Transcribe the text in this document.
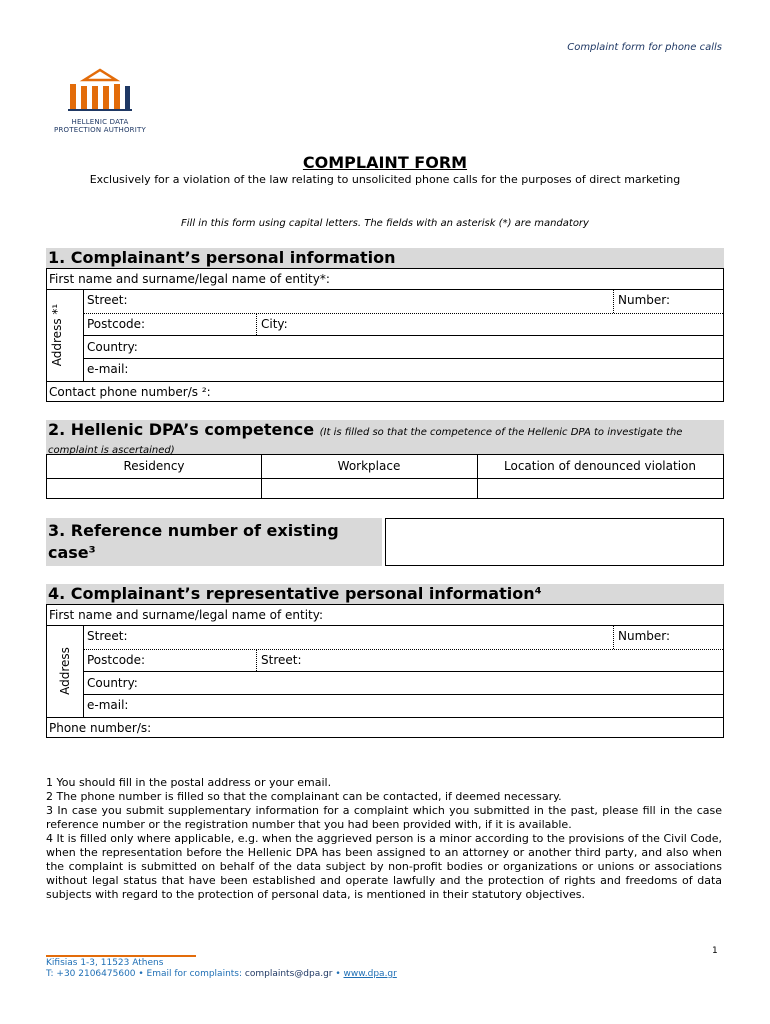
Complaint form for phone calls
HELLENIC DATA
PROTECTION AUTHORITY
COMPLAINT FORM
Exclusively for a violation of the law relating to unsolicited phone calls for the purposes of direct marketing
Fill in this form using capital letters. The fields with an asterisk (*) are mandatory
1. Complainant’s personal information
First name and surname/legal name of entity*:
Address *¹
Street:	Number:
Postcode:	City:
Country:
e-mail:
Contact phone number/s ²:
2. Hellenic DPA’s competence (It is filled so that the competence of the Hellenic DPA to investigate the complaint is ascertained)
Residency	Workplace	Location of denounced violation
3. Reference number of existing case³
4. Complainant’s representative personal information⁴
First name and surname/legal name of entity:
Address
Street:	Number:
Postcode:	Street:
Country:
e-mail:
Phone number/s:

1 You should fill in the postal address or your email.

2 The phone number is filled so that the complainant can be contacted, if deemed necessary.

3 In case you submit supplementary information for a complaint which you submitted in the past, please fill in the case reference number or the registration number that you had been provided with, if it is available.

4 It is filled only where applicable, e.g. when the aggrieved person is a minor according to the provisions of the Civil Code, when the representation before the Hellenic DPA has been assigned to an attorney or another third party, and also when the complaint is submitted on behalf of the data subject by non-profit bodies or organizations or unions or associations without legal status that have been established and operate lawfully and the protection of rights and freedoms of data subjects with regard to the protection of personal data, is mentioned in their statutory objectives.

1
Kifisias 1-3, 11523 Athens
T: +30 2106475600 • Email for complaints: complaints@dpa.gr • www.dpa.gr
